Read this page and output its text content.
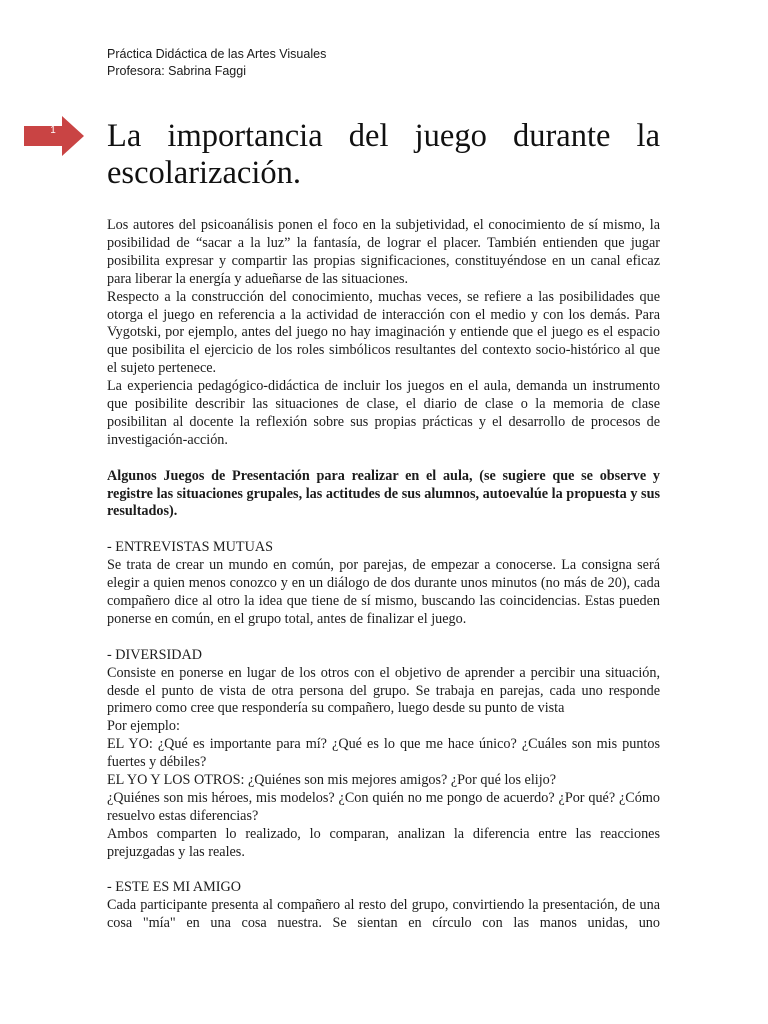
Práctica Didáctica de las Artes Visuales
Profesora: Sabrina Faggi
1 La importancia del juego durante la escolarización.

Los autores del psicoanálisis ponen el foco en la subjetividad, el conocimiento de sí mismo, la posibilidad de “sacar a la luz” la fantasía, de lograr el placer. También entienden que jugar posibilita expresar y compartir las propias significaciones, constituyéndose en un canal eficaz para liberar la energía y adueñarse de las situaciones.

Respecto a la construcción del conocimiento, muchas veces, se refiere a las posibilidades que otorga el juego en referencia a la actividad de interacción con el medio y con los demás. Para Vygotski, por ejemplo, antes del juego no hay imaginación y entiende que el juego es el espacio que posibilita el ejercicio de los roles simbólicos resultantes del contexto socio-histórico al que el sujeto pertenece.

La experiencia pedagógico-didáctica de incluir los juegos en el aula, demanda un instrumento que posibilite describir las situaciones de clase, el diario de clase o la memoria de clase posibilitan al docente la reflexión sobre sus propias prácticas y el desarrollo de procesos de investigación-acción.

Algunos Juegos de Presentación para realizar en el aula, (se sugiere que se observe y registre las situaciones grupales, las actitudes de sus alumnos, autoevalúe la propuesta y sus resultados).

- ENTREVISTAS MUTUAS

Se trata de crear un mundo en común, por parejas, de empezar a conocerse. La consigna será elegir a quien menos conozco y en un diálogo de dos durante unos minutos (no más de 20), cada compañero dice al otro la idea que tiene de sí mismo, buscando las coincidencias. Estas pueden ponerse en común, en el grupo total, antes de finalizar el juego.

- DIVERSIDAD

Consiste en ponerse en lugar de los otros con el objetivo de aprender a percibir una situación, desde el punto de vista de otra persona del grupo. Se trabaja en parejas, cada uno responde primero como cree que respondería su compañero, luego desde su punto de vista

Por ejemplo:

EL YO: ¿Qué es importante para mí? ¿Qué es lo que me hace único? ¿Cuáles son mis puntos fuertes y débiles?

EL YO Y LOS OTROS: ¿Quiénes son mis mejores amigos? ¿Por qué los elijo?

¿Quiénes son mis héroes, mis modelos? ¿Con quién no me pongo de acuerdo? ¿Por qué? ¿Cómo resuelvo estas diferencias?

Ambos comparten lo realizado, lo comparan, analizan la diferencia entre las reacciones prejuzgadas y las reales.

- ESTE ES MI AMIGO

Cada participante presenta al compañero al resto del grupo, convirtiendo la presentación, de una cosa "mía" en una cosa nuestra. Se sientan en círculo con las manos unidas, uno
